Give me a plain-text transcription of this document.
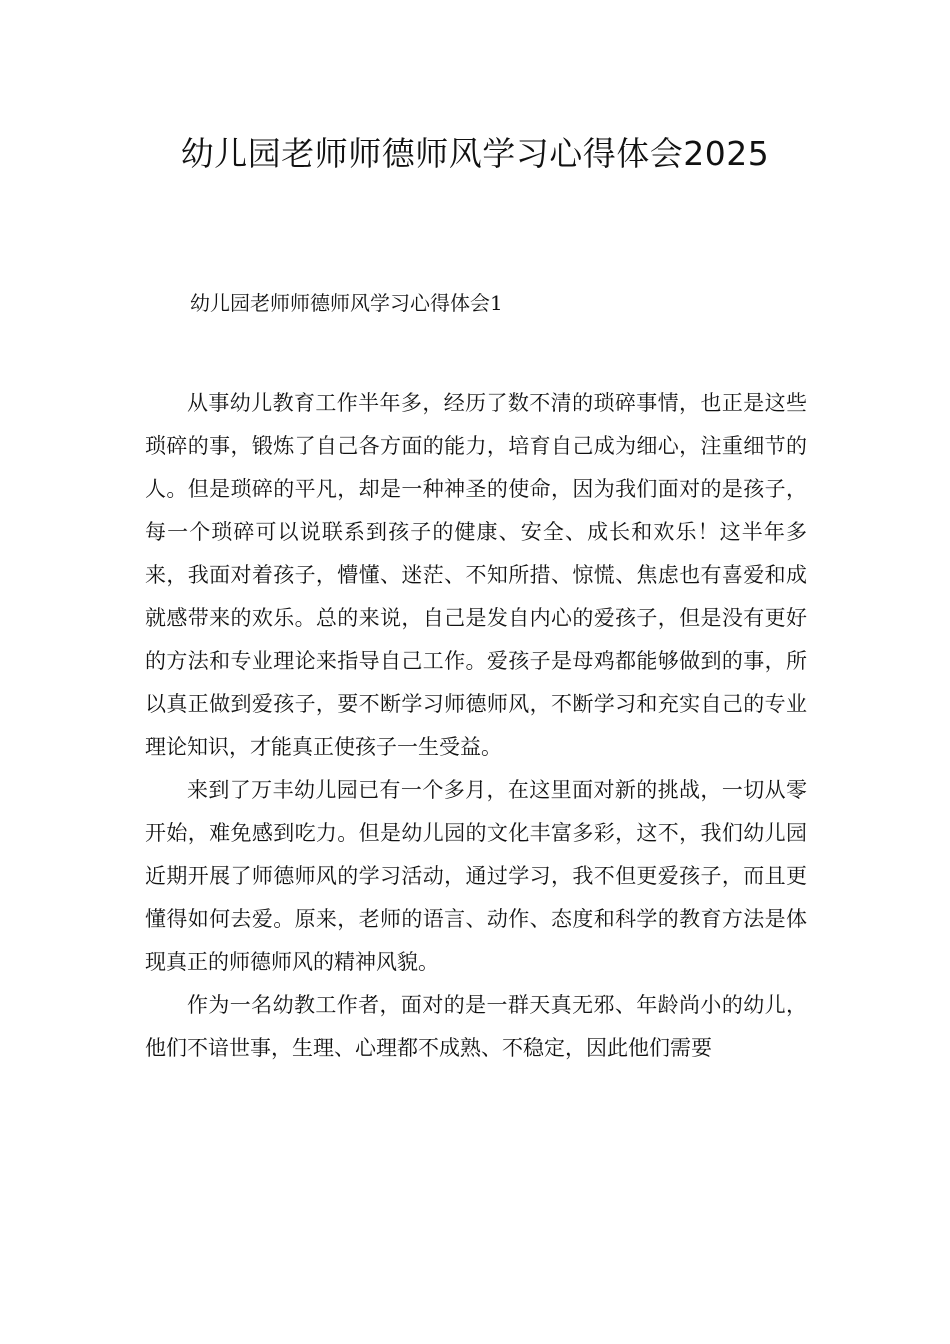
幼儿园老师师德师风学习心得体会2025
幼儿园老师师德师风学习心得体会1

从事幼儿教育工作半年多，经历了数不清的琐碎事情，也正是这些琐碎的事，锻炼了自己各方面的能力，培育自己成为细心，注重细节的人。但是琐碎的平凡，却是一种神圣的使命，因为我们面对的是孩子，每一个琐碎可以说联系到孩子的健康、安全、成长和欢乐！这半年多来，我面对着孩子，懵懂、迷茫、不知所措、惊慌、焦虑也有喜爱和成就感带来的欢乐。总的来说，自己是发自内心的爱孩子，但是没有更好的方法和专业理论来指导自己工作。爱孩子是母鸡都能够做到的事，所以真正做到爱孩子，要不断学习师德师风，不断学习和充实自己的专业理论知识，才能真正使孩子一生受益。

来到了万丰幼儿园已有一个多月，在这里面对新的挑战，一切从零开始，难免感到吃力。但是幼儿园的文化丰富多彩，这不，我们幼儿园近期开展了师德师风的学习活动，通过学习，我不但更爱孩子，而且更懂得如何去爱。原来，老师的语言、动作、态度和科学的教育方法是体现真正的师德师风的精神风貌。

作为一名幼教工作者，面对的是一群天真无邪、年龄尚小的幼儿，他们不谙世事，生理、心理都不成熟、不稳定，因此他们需要
